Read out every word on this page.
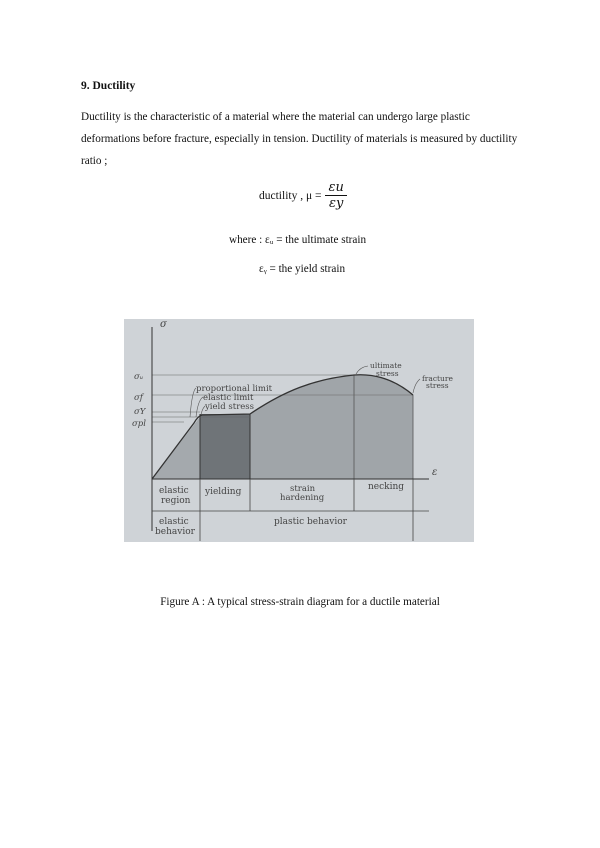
9. Ductility
Ductility is the characteristic of a material where the material can undergo large plastic deformations before fracture, especially in tension. Ductility of materials is measured by ductility ratio ;
ductility , $\mu = \frac{\varepsilon u}{\varepsilon y}$
where : εᵤ = the ultimate strain
εᵧ = the yield strain
σ
ε
σᵤ
σf
σY
σpl
proportional limit
elastic limit
yield stress
ultimate
stress
fracture
stress
elastic
region
yielding	strain
hardening
necking
elastic
behavior
plastic behavior
Figure A : A typical stress-strain diagram for a ductile material
